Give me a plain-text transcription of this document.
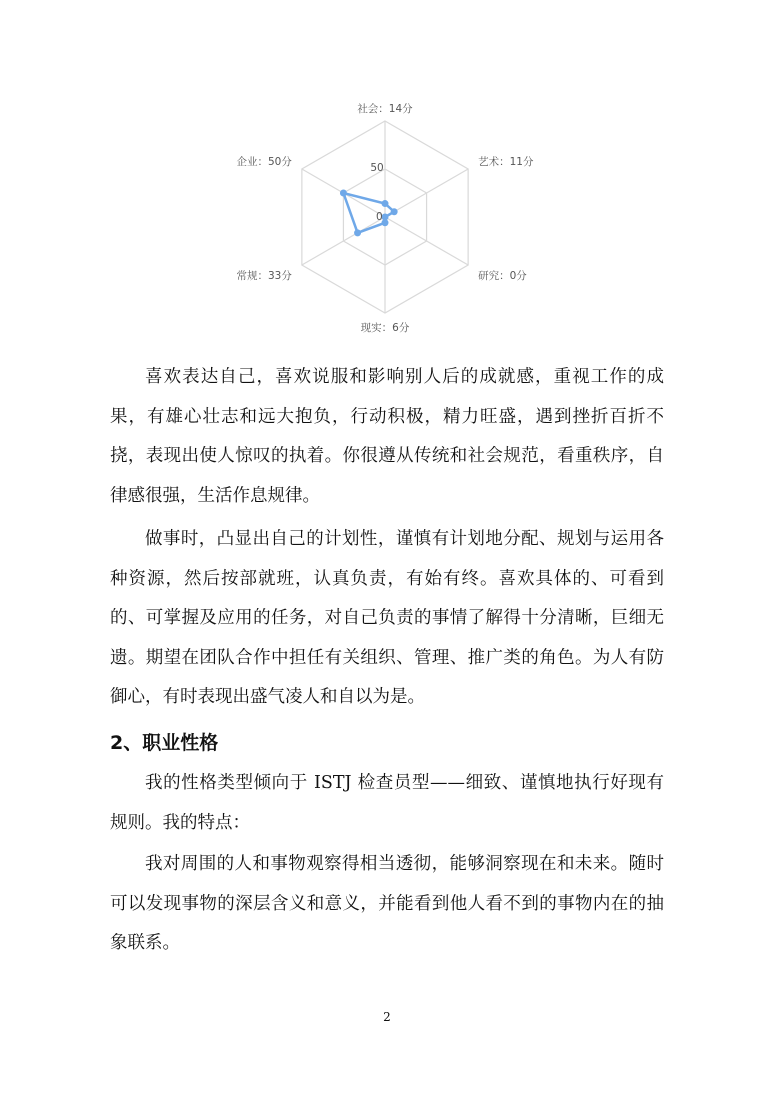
社会：14分
艺术：11分
研究：0分
现实：6分
常规：33分
企业：50分
0
50

喜欢表达自己，喜欢说服和影响别人后的成就感，重视工作的成果，有雄心壮志和远大抱负，行动积极，精力旺盛，遇到挫折百折不挠，表现出使人惊叹的执着。你很遵从传统和社会规范，看重秩序，自律感很强，生活作息规律。

做事时，凸显出自己的计划性，谨慎有计划地分配、规划与运用各种资源，然后按部就班，认真负责，有始有终。喜欢具体的、可看到的、可掌握及应用的任务，对自己负责的事情了解得十分清晰，巨细无遗。期望在团队合作中担任有关组织、管理、推广类的角色。为人有防御心，有时表现出盛气凌人和自以为是。

2、职业性格

我的性格类型倾向于 ISTJ 检查员型——细致、谨慎地执行好现有规则。我的特点：

我对周围的人和事物观察得相当透彻，能够洞察现在和未来。随时可以发现事物的深层含义和意义，并能看到他人看不到的事物内在的抽象联系。

2
